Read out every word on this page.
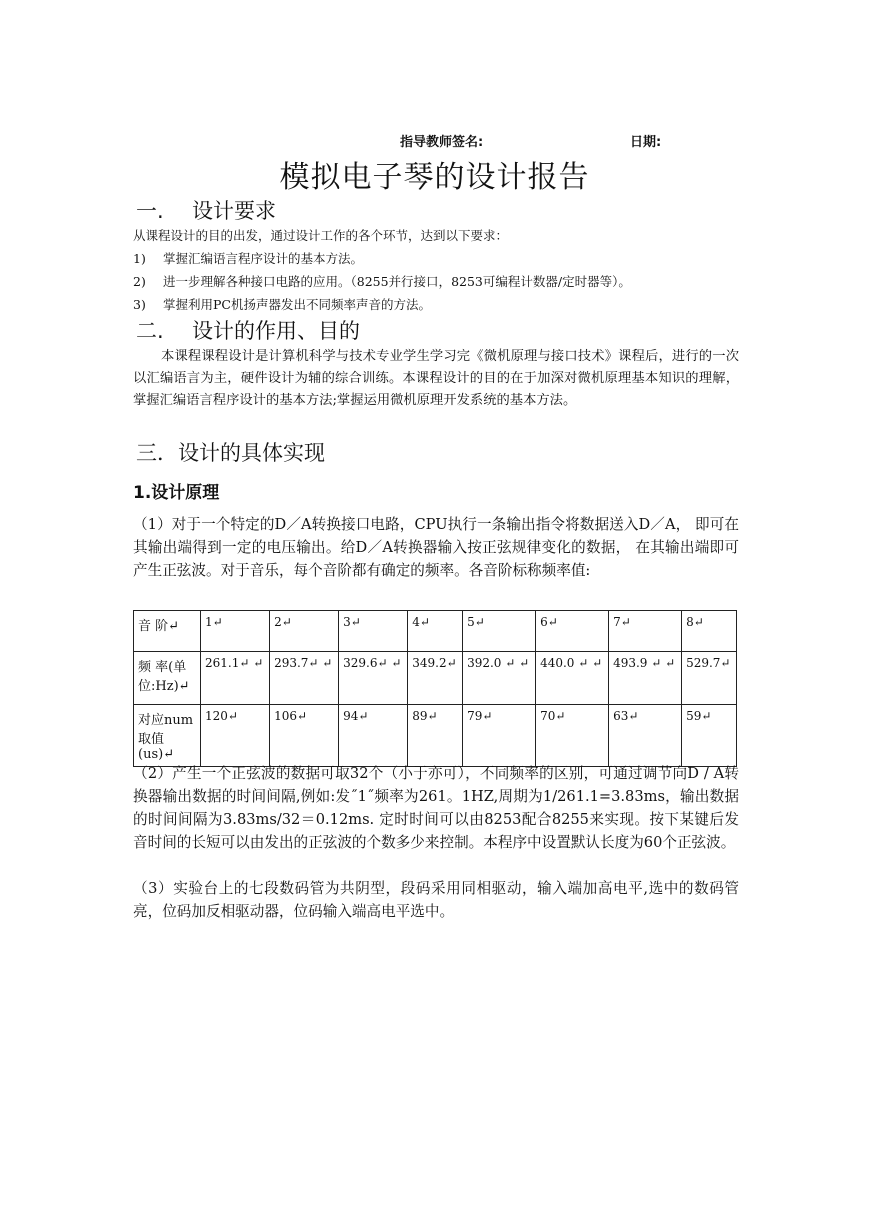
指导教师签名:	日期:
模拟电子琴的设计报告
一. 设计要求
从课程设计的目的出发，通过设计工作的各个环节，达到以下要求：
1) 掌握汇编语言程序设计的基本方法。
2) 进一步理解各种接口电路的应用。（8255并行接口，8253可编程计数器/定时器等）。
3) 掌握利用PC机扬声器发出不同频率声音的方法。
二. 设计的作用、目的
本课程课程设计是计算机科学与技术专业学生学习完《微机原理与接口技术》课程后，进行的一次以汇编语言为主，硬件设计为辅的综合训练。本课程设计的目的在于加深对微机原理基本知识的理解，掌握汇编语言程序设计的基本方法;掌握运用微机原理开发系统的基本方法。
三．设计的具体实现
1.设计原理
（1）对于一个特定的D／A转换接口电路，CPU执行一条输出指令将数据送入D／A， 即可在其输出端得到一定的电压输出。给D／A转换器输入按正弦规律变化的数据， 在其输出端即可产生正弦波。对于音乐，每个音阶都有确定的频率。各音阶标称频率值:
音 阶↵	1↵	2↵	3↵	4↵	5↵	6↵	7↵	8↵
频 率(单位:Hz)↵	261.1↵ ↵	293.7↵ ↵	329.6↵ ↵	349.2↵	392.0 ↵ ↵	440.0 ↵ ↵	493.9 ↵ ↵	529.7↵
对应num取值(us)↵	120↵	106↵	94↵	89↵	79↵	70↵	63↵	59↵
（2）产生一个正弦波的数据可取32个（小于亦可），不同频率的区别，可通过调节向D / A转换器输出数据的时间间隔,例如:发˝1˝频率为261。1HZ,周期为1/261.1=3.83ms，输出数据的时间间隔为3.83ms/32＝0.12ms. 定时时间可以由8253配合8255来实现。按下某键后发音时间的长短可以由发出的正弦波的个数多少来控制。本程序中设置默认长度为60个正弦波。
（3）实验台上的七段数码管为共阴型，段码采用同相驱动，输入端加高电平,选中的数码管亮，位码加反相驱动器，位码输入端高电平选中。
